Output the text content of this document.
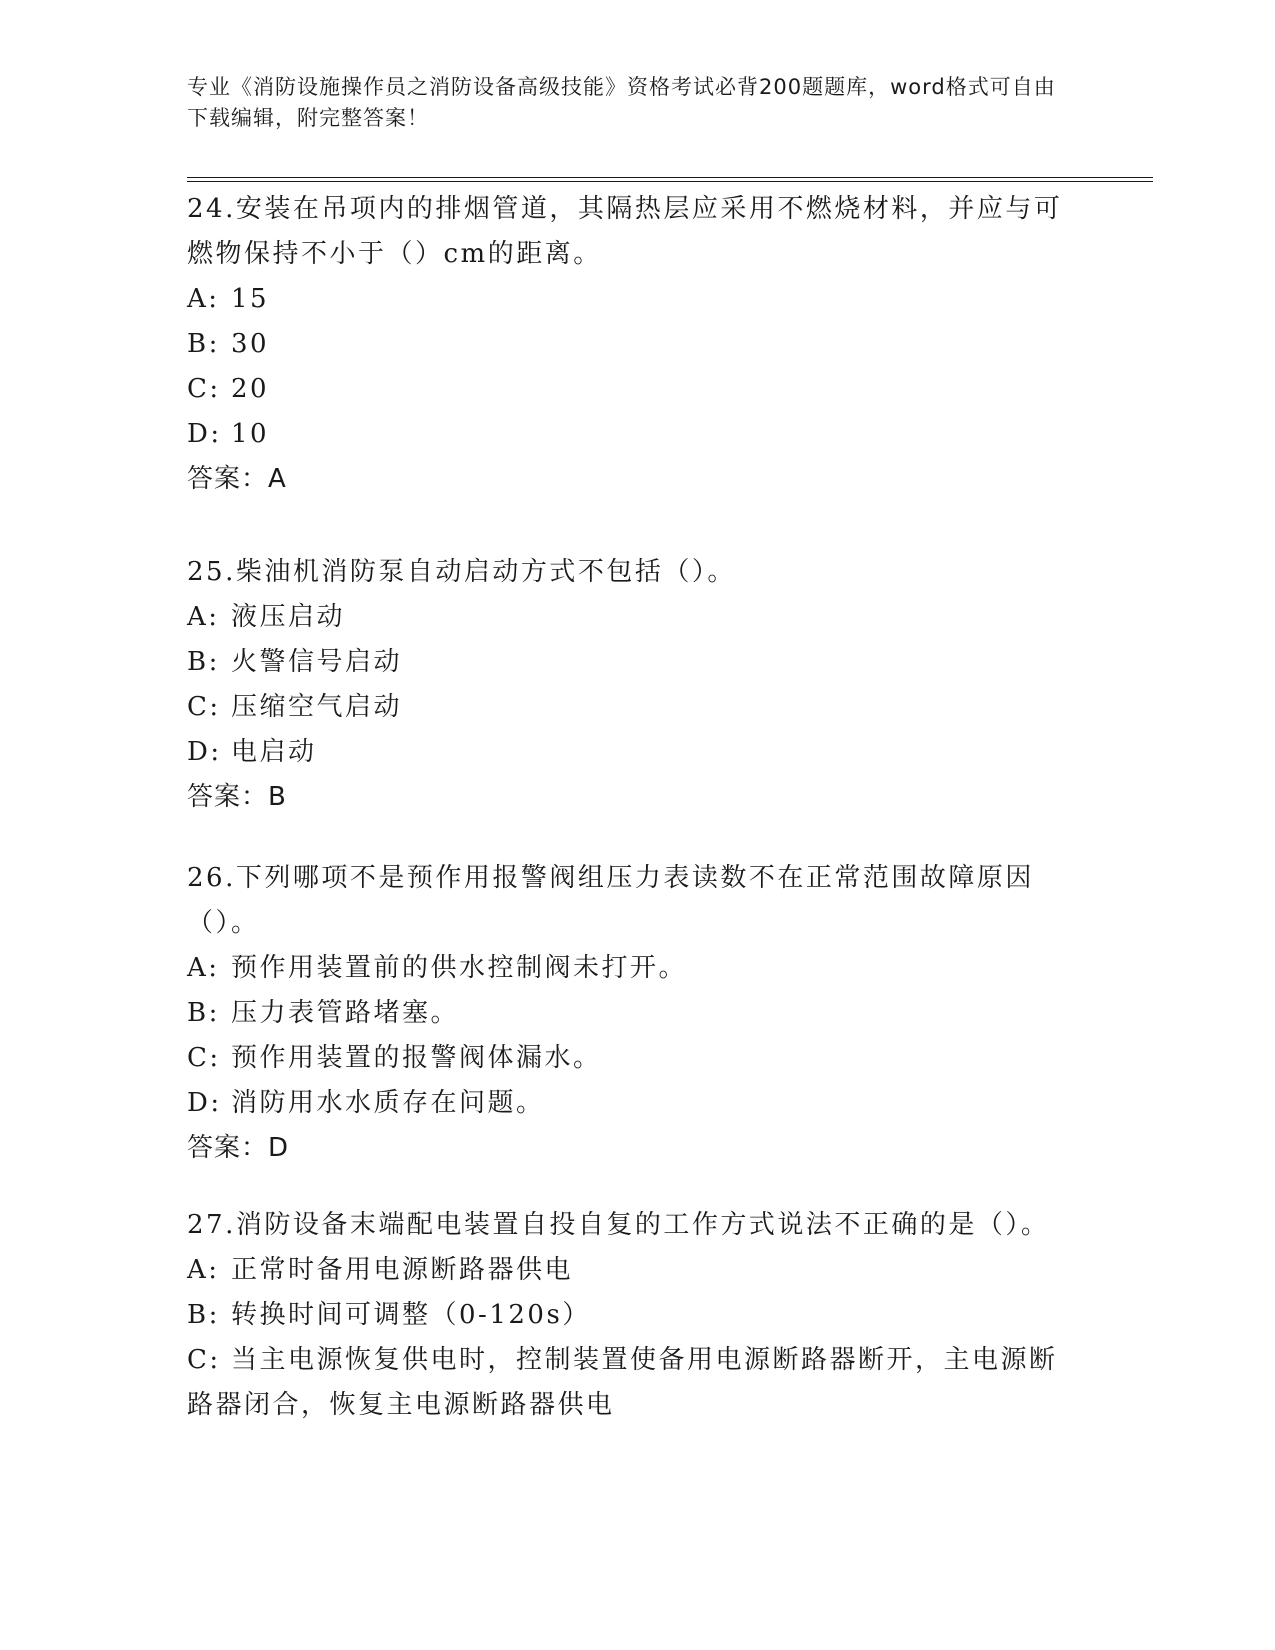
专业《消防设施操作员之消防设备高级技能》资格考试必背200题题库，word格式可自由下载编辑，附完整答案！

24.安装在吊项内的排烟管道，其隔热层应采用不燃烧材料，并应与可燃物保持不小于（）cm的距离。

A: 15
B: 30
C: 20
D: 10
答案：A

25.柴油机消防泵自动启动方式不包括（）。

A: 液压启动
B: 火警信号启动
C: 压缩空气启动
D: 电启动
答案：B

26.下列哪项不是预作用报警阀组压力表读数不在正常范围故障原因（）。

A: 预作用装置前的供水控制阀未打开。
B: 压力表管路堵塞。
C: 预作用装置的报警阀体漏水。
D: 消防用水水质存在问题。
答案：D

27.消防设备末端配电装置自投自复的工作方式说法不正确的是（）。

A: 正常时备用电源断路器供电
B: 转换时间可调整（0-120s）
C: 当主电源恢复供电时，控制装置使备用电源断路器断开，主电源断路器闭合，恢复主电源断路器供电
